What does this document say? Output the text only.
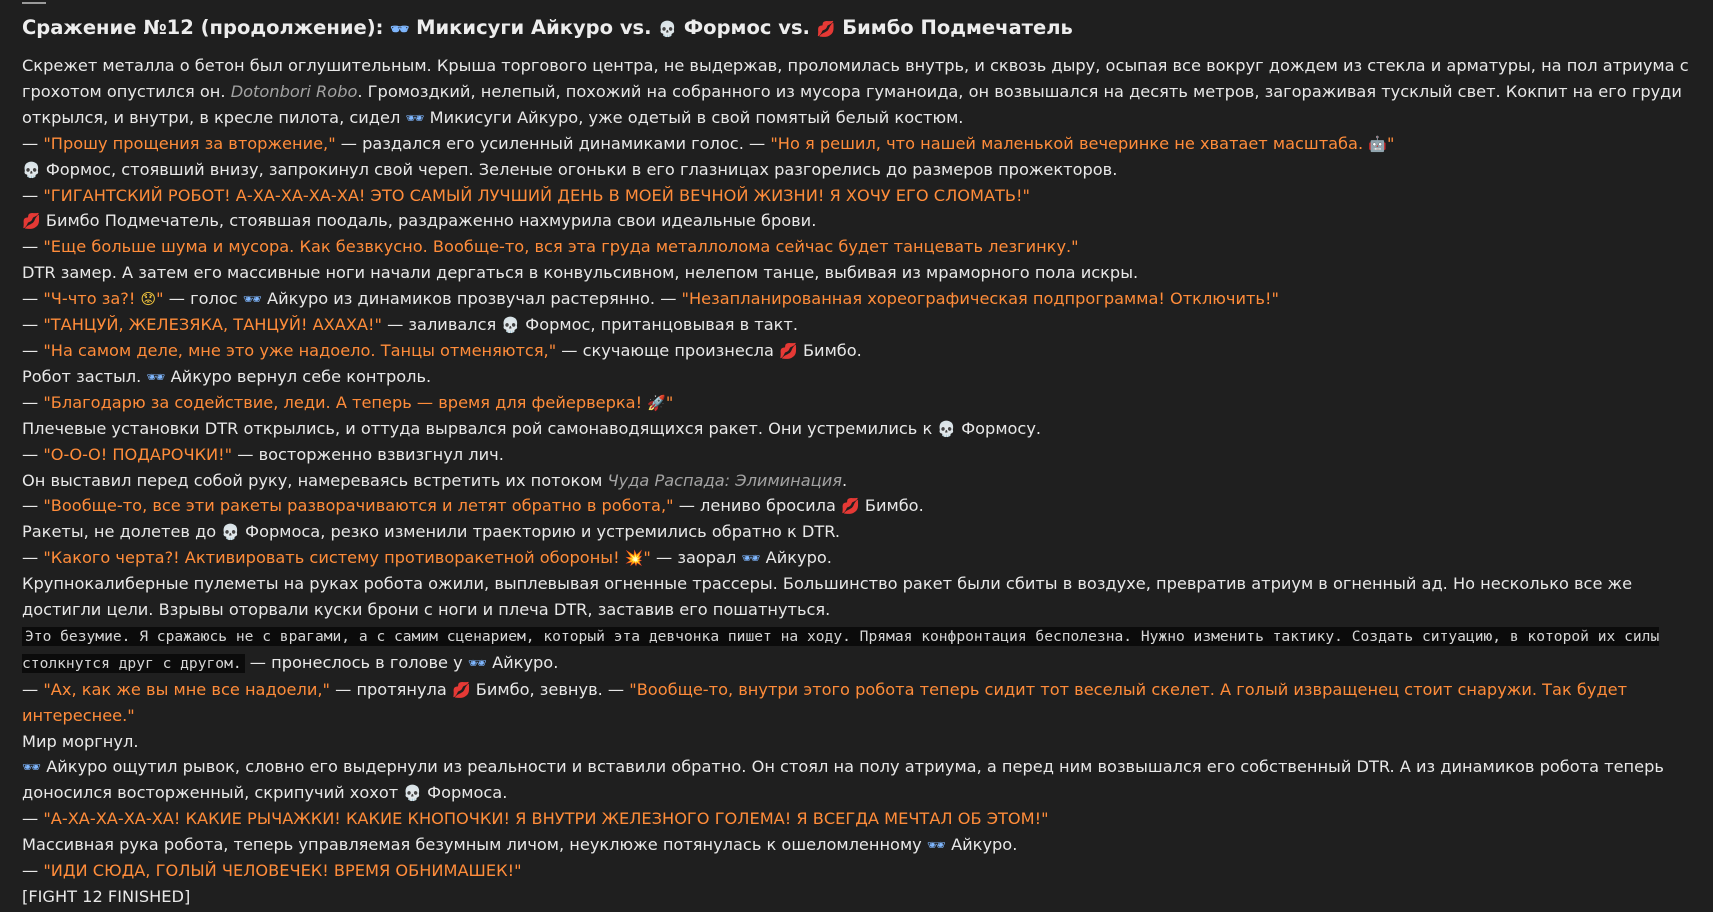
Сражение №12 (продолжение): 🕶 Микисуги Айкуро vs. 💀 Формос vs. 💋 Бимбо Подмечатель

Скрежет металла о бетон был оглушительным. Крыша торгового центра, не выдержав, проломилась внутрь, и сквозь дыру, осыпая все вокруг дождем из стекла и арматуры, на пол атриума с грохотом опустился он. Dotonbori Robo. Громоздкий, нелепый, похожий на собранного из мусора гуманоида, он возвышался на десять метров, загораживая тусклый свет. Кокпит на его груди открылся, и внутри, в кресле пилота, сидел 🕶 Микисуги Айкуро, уже одетый в свой помятый белый костюм.

— "Прошу прощения за вторжение," — раздался его усиленный динамиками голос. — "Но я решил, что нашей маленькой вечеринке не хватает масштаба. 🤖"

💀 Формос, стоявший внизу, запрокинул свой череп. Зеленые огоньки в его глазницах разгорелись до размеров прожекторов.

— "ГИГАНТСКИЙ РОБОТ! А-ХА-ХА-ХА-ХА! ЭТО САМЫЙ ЛУЧШИЙ ДЕНЬ В МОЕЙ ВЕЧНОЙ ЖИЗНИ! Я ХОЧУ ЕГО СЛОМАТЬ!"

💋 Бимбо Подмечатель, стоявшая поодаль, раздраженно нахмурила свои идеальные брови.

— "Еще больше шума и мусора. Как безвкусно. Вообще-то, вся эта груда металлолома сейчас будет танцевать лезгинку."

DTR замер. А затем его массивные ноги начали дергаться в конвульсивном, нелепом танце, выбивая из мраморного пола искры.

— "Ч-что за?! 😟" — голос 🕶 Айкуро из динамиков прозвучал растерянно. — "Незапланированная хореографическая подпрограмма! Отключить!"

— "ТАНЦУЙ, ЖЕЛЕЗЯКА, ТАНЦУЙ! АХАХА!" — заливался 💀 Формос, пританцовывая в такт.

— "На самом деле, мне это уже надоело. Танцы отменяются," — скучающе произнесла 💋 Бимбо.

Робот застыл. 🕶 Айкуро вернул себе контроль.

— "Благодарю за содействие, леди. А теперь — время для фейерверка! 🚀"

Плечевые установки DTR открылись, и оттуда вырвался рой самонаводящихся ракет. Они устремились к 💀 Формосу.

— "О-О-О! ПОДАРОЧКИ!" — восторженно взвизгнул лич.

Он выставил перед собой руку, намереваясь встретить их потоком Чуда Распада: Элиминация.

— "Вообще-то, все эти ракеты разворачиваются и летят обратно в робота," — лениво бросила 💋 Бимбо.

Ракеты, не долетев до 💀 Формоса, резко изменили траекторию и устремились обратно к DTR.

— "Какого черта?! Активировать систему противоракетной обороны! 💥" — заорал 🕶 Айкуро.

Крупнокалиберные пулеметы на руках робота ожили, выплевывая огненные трассеры. Большинство ракет были сбиты в воздухе, превратив атриум в огненный ад. Но несколько все же достигли цели. Взрывы оторвали куски брони с ноги и плеча DTR, заставив его пошатнуться.

Это безумие. Я сражаюсь не с врагами, а с самим сценарием, который эта девчонка пишет на ходу. Прямая конфронтация бесполезна. Нужно изменить тактику. Создать ситуацию, в которой их силы столкнутся друг с другом. — пронеслось в голове у 🕶 Айкуро.

— "Ах, как же вы мне все надоели," — протянула 💋 Бимбо, зевнув. — "Вообще-то, внутри этого робота теперь сидит тот веселый скелет. А голый извращенец стоит снаружи. Так будет интереснее."

Мир моргнул.

🕶 Айкуро ощутил рывок, словно его выдернули из реальности и вставили обратно. Он стоял на полу атриума, а перед ним возвышался его собственный DTR. А из динамиков робота теперь доносился восторженный, скрипучий хохот 💀 Формоса.

— "А-ХА-ХА-ХА-ХА! КАКИЕ РЫЧАЖКИ! КАКИЕ КНОПОЧКИ! Я ВНУТРИ ЖЕЛЕЗНОГО ГОЛЕМА! Я ВСЕГДА МЕЧТАЛ ОБ ЭТОМ!"

Массивная рука робота, теперь управляемая безумным личом, неуклюже потянулась к ошеломленному 🕶 Айкуро.

— "ИДИ СЮДА, ГОЛЫЙ ЧЕЛОВЕЧЕК! ВРЕМЯ ОБНИМАШЕК!"

[FIGHT 12 FINISHED]
